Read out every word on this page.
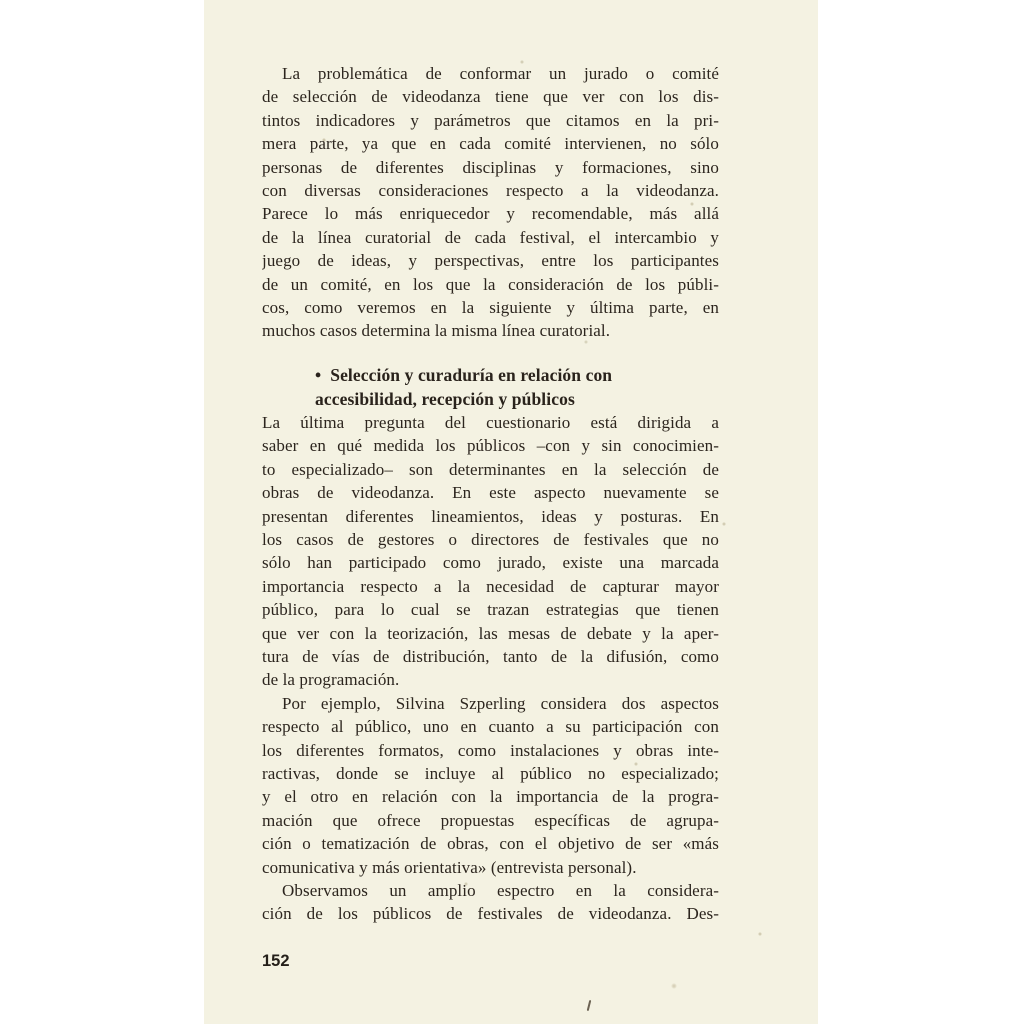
La problemática de conformar un jurado o comité
de selección de videodanza tiene que ver con los dis-
tintos indicadores y parámetros que citamos en la pri-
mera parte, ya que en cada comité intervienen, no sólo
personas de diferentes disciplinas y formaciones, sino
con diversas consideraciones respecto a la videodanza.
Parece lo más enriquecedor y recomendable, más allá
de la línea curatorial de cada festival, el intercambio y
juego de ideas, y perspectivas, entre los participantes
de un comité, en los que la consideración de los públi-
cos, como veremos en la siguiente y última parte, en
muchos casos determina la misma línea curatorial.
• Selección y curaduría en relación con
accesibilidad, recepción y públicos
La última pregunta del cuestionario está dirigida a
saber en qué medida los públicos –con y sin conocimien-
to especializado– son determinantes en la selección de
obras de videodanza. En este aspecto nuevamente se
presentan diferentes lineamientos, ideas y posturas. En
los casos de gestores o directores de festivales que no
sólo han participado como jurado, existe una marcada
importancia respecto a la necesidad de capturar mayor
público, para lo cual se trazan estrategias que tienen
que ver con la teorización, las mesas de debate y la aper-
tura de vías de distribución, tanto de la difusión, como
de la programación.
Por ejemplo, Silvina Szperling considera dos aspectos
respecto al público, uno en cuanto a su participación con
los diferentes formatos, como instalaciones y obras inte-
ractivas, donde se incluye al público no especializado;
y el otro en relación con la importancia de la progra-
mación que ofrece propuestas específicas de agrupa-
ción o tematización de obras, con el objetivo de ser «más
comunicativa y más orientativa» (entrevista personal).
Observamos un amplio espectro en la considera-
ción de los públicos de festivales de videodanza. Des-
152
